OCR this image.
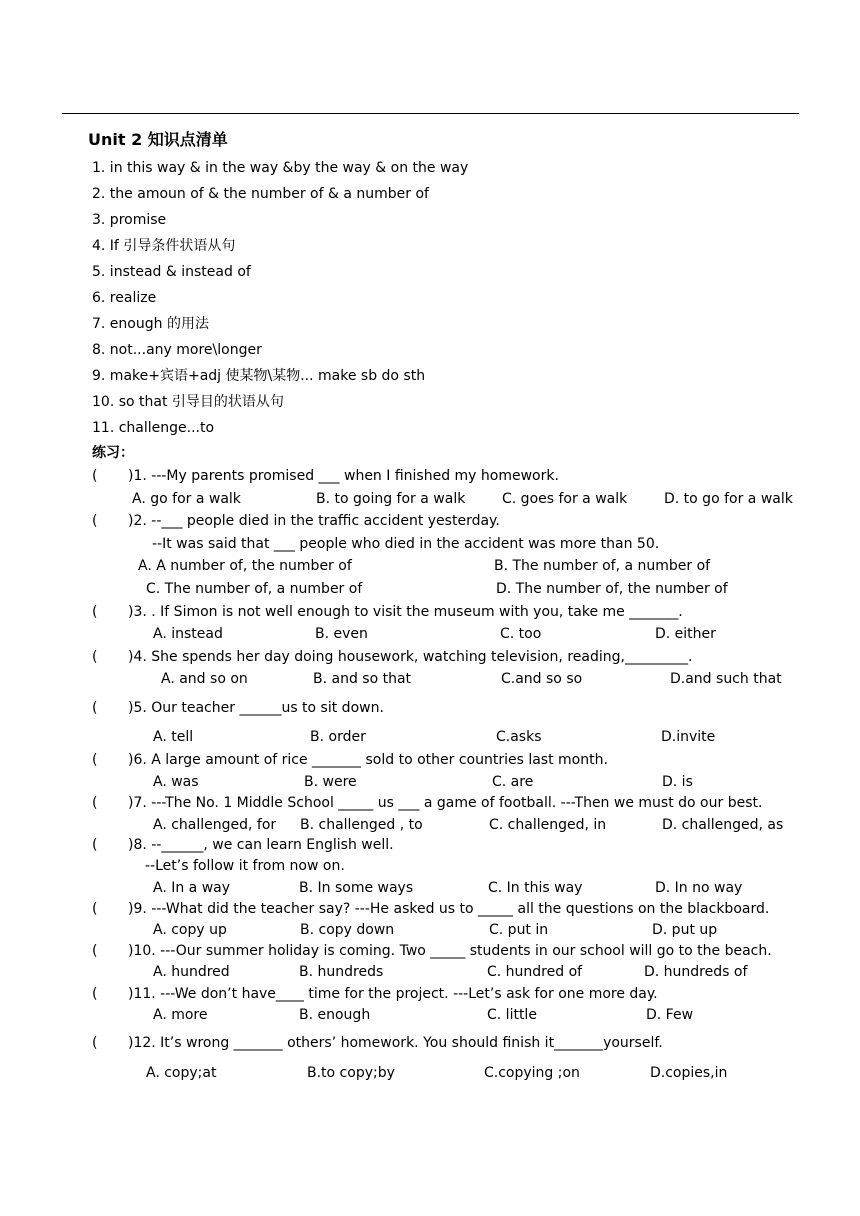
Unit 2 知识点清单
1. in this way & in the way &by the way & on the way
2. the amoun of & the number of & a number of
3. promise
4. If 引导条件状语从句
5. instead & instead of
6. realize
7. enough 的用法
8. not...any more\longer
9. make+宾语+adj 使某物\某物... make sb do sth
10. so that 引导目的状语从句
11. challenge...to
练习：
( )1. ---My parents promised ___ when I finished my homework.
A. go for a walk	B. to going for a walk	C. goes for a walk	D. to go for a walk
( )2. --___ people died in the traffic accident yesterday.
--It was said that ___ people who died in the accident was more than 50.
A. A number of, the number of	B. The number of, a number of
C. The number of, a number of	D. The number of, the number of
( )3. . If Simon is not well enough to visit the museum with you, take me _______.
A. instead	B. even	C. too	D. either
( )4. She spends her day doing housework, watching television, reading,_________.
A. and so on	B. and so that	C.and so so	D.and such that
( )5. Our teacher ______us to sit down.
A. tell	B. order	C.asks	D.invite
( )6. A large amount of rice _______ sold to other countries last month.
A. was	B. were	C. are	D. is
( )7. ---The No. 1 Middle School _____ us ___ a game of football. ---Then we must do our best.
A. challenged, for B. challenged , to	C. challenged, in	D. challenged, as
( )8. --______, we can learn English well.
--Let’s follow it from now on.
A. In a way	B. In some ways	C. In this way	D. In no way
( )9. ---What did the teacher say? ---He asked us to _____ all the questions on the blackboard.
A. copy up	B. copy down	C. put in	D. put up
( )10. ---Our summer holiday is coming. Two _____ students in our school will go to the beach.
A. hundred	B. hundreds	C. hundred of	D. hundreds of
( )11. ---We don’t have____ time for the project. ---Let’s ask for one more day.
A. more	B. enough	C. little	D. Few
( )12. It’s wrong _______ others’ homework. You should finish it_______yourself.
A. copy;at	B.to copy;by	C.copying ;on	D.copies,in
